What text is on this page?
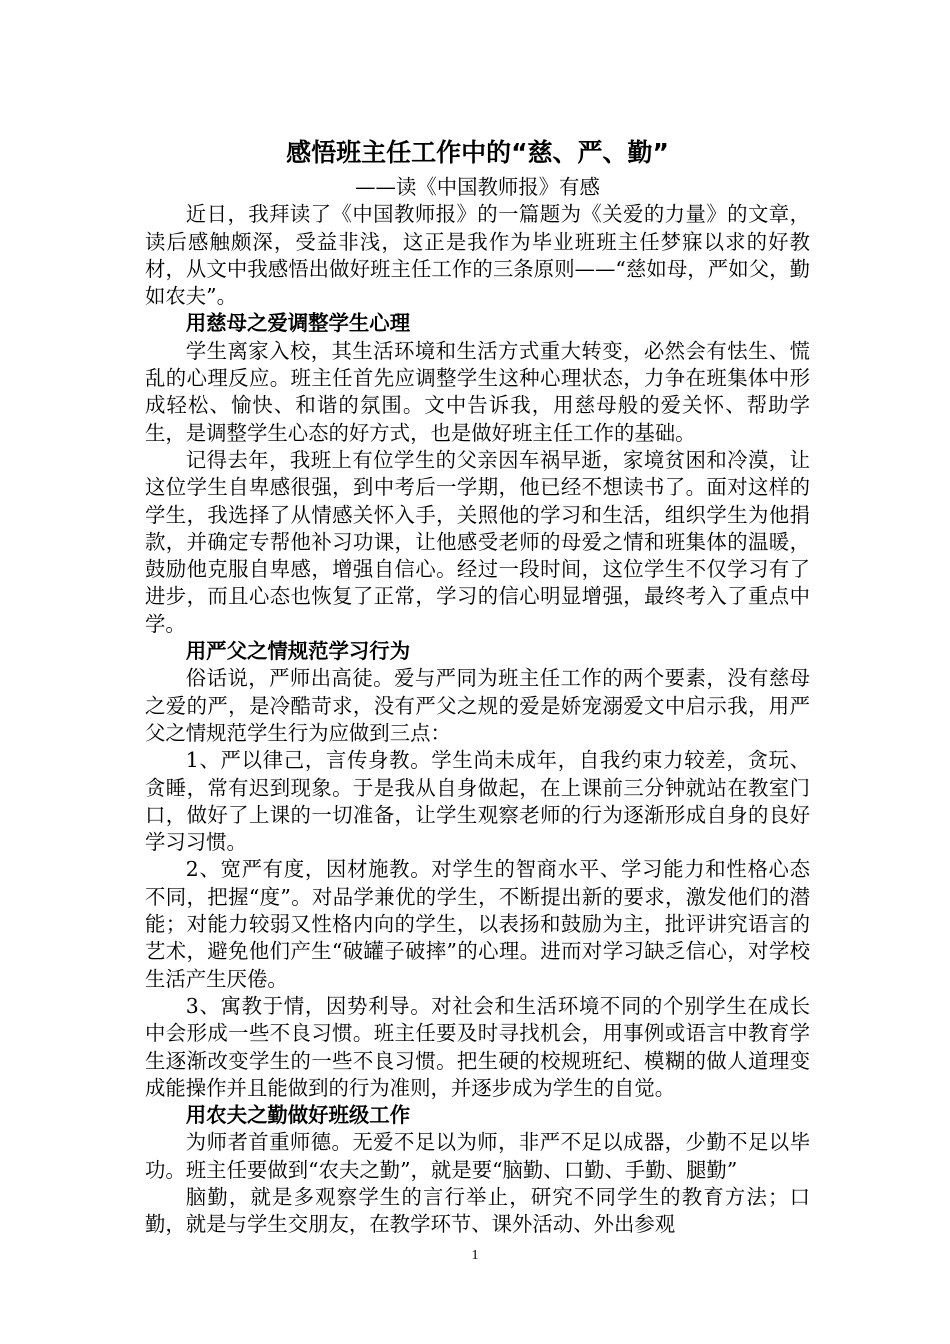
感悟班主任工作中的“慈、严、勤”

——读《中国教师报》有感

近日，我拜读了《中国教师报》的一篇题为《关爱的力量》的文章，读后感触颇深，受益非浅，这正是我作为毕业班班主任梦寐以求的好教材，从文中我感悟出做好班主任工作的三条原则——“慈如母，严如父，勤如农夫”。

用慈母之爱调整学生心理

学生离家入校，其生活环境和生活方式重大转变，必然会有怯生、慌乱的心理反应。班主任首先应调整学生这种心理状态，力争在班集体中形成轻松、愉快、和谐的氛围。文中告诉我，用慈母般的爱关怀、帮助学生，是调整学生心态的好方式，也是做好班主任工作的基础。

记得去年，我班上有位学生的父亲因车祸早逝，家境贫困和冷漠，让这位学生自卑感很强，到中考后一学期，他已经不想读书了。面对这样的学生，我选择了从情感关怀入手，关照他的学习和生活，组织学生为他捐款，并确定专帮他补习功课，让他感受老师的母爱之情和班集体的温暖，鼓励他克服自卑感，增强自信心。经过一段时间，这位学生不仅学习有了进步，而且心态也恢复了正常，学习的信心明显增强，最终考入了重点中学。

用严父之情规范学习行为

俗话说，严师出高徒。爱与严同为班主任工作的两个要素，没有慈母之爱的严，是冷酷苛求，没有严父之规的爱是娇宠溺爱文中启示我，用严父之情规范学生行为应做到三点：

1、严以律己，言传身教。学生尚未成年，自我约束力较差，贪玩、贪睡，常有迟到现象。于是我从自身做起，在上课前三分钟就站在教室门口，做好了上课的一切准备，让学生观察老师的行为逐渐形成自身的良好学习习惯。

2、宽严有度，因材施教。对学生的智商水平、学习能力和性格心态不同，把握“度”。对品学兼优的学生，不断提出新的要求，激发他们的潜能；对能力较弱又性格内向的学生，以表扬和鼓励为主，批评讲究语言的艺术，避免他们产生“破罐子破摔”的心理。进而对学习缺乏信心，对学校生活产生厌倦。

3、寓教于情，因势利导。对社会和生活环境不同的个别学生在成长中会形成一些不良习惯。班主任要及时寻找机会，用事例或语言中教育学生逐渐改变学生的一些不良习惯。把生硬的校规班纪、模糊的做人道理变成能操作并且能做到的行为准则，并逐步成为学生的自觉。

用农夫之勤做好班级工作

为师者首重师德。无爱不足以为师，非严不足以成器，少勤不足以毕功。班主任要做到“农夫之勤”，就是要“脑勤、口勤、手勤、腿勤”

脑勤，就是多观察学生的言行举止，研究不同学生的教育方法；口勤，就是与学生交朋友，在教学环节、课外活动、外出参观

1
